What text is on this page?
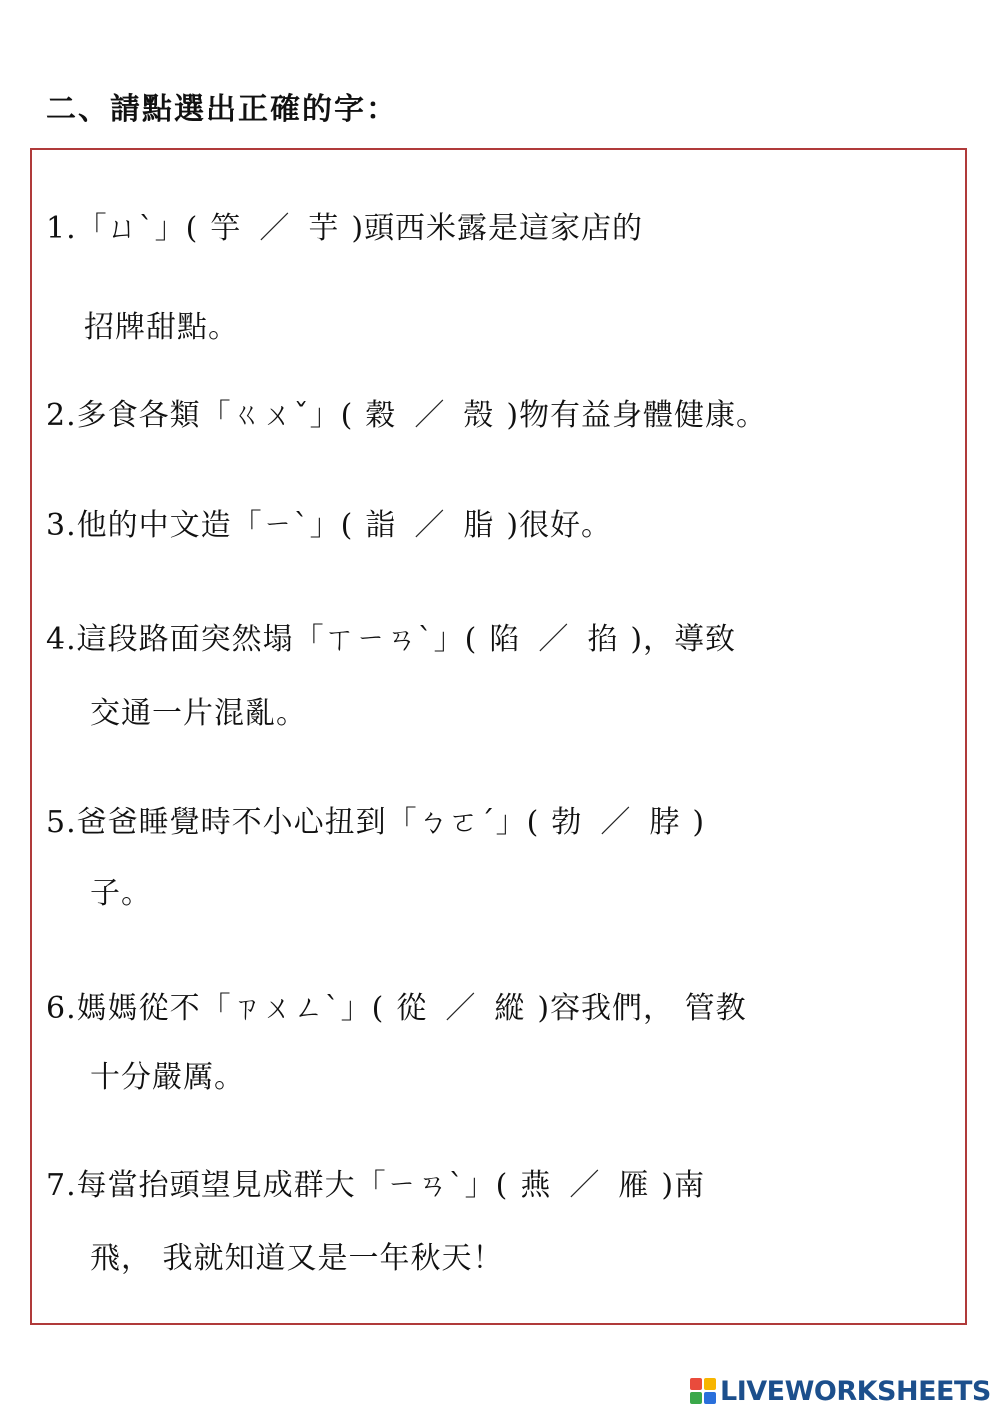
二、請點選出正確的字：
1.「ㄩˋ」( 竽 ／ 芋 )頭西米露是這家店的
招牌甜點。
2.多食各類「ㄍㄨˇ」( 穀 ／ 殼 )物有益身體健康。
3.他的中文造「ㄧˋ」( 詣 ／ 脂 )很好。
4.這段路面突然塌「ㄒㄧㄢˋ」( 陷 ／ 掐 )，導致
交通一片混亂。
5.爸爸睡覺時不小心扭到「ㄅㄛˊ」( 勃 ／ 脖 )
子。
6.媽媽從不「ㄗㄨㄥˋ」( 從 ／ 縱 )容我們， 管教
十分嚴厲。
7.每當抬頭望見成群大「ㄧㄢˋ」( 燕 ／ 雁 )南
飛， 我就知道又是一年秋天！
LIVEWORKSHEETS
